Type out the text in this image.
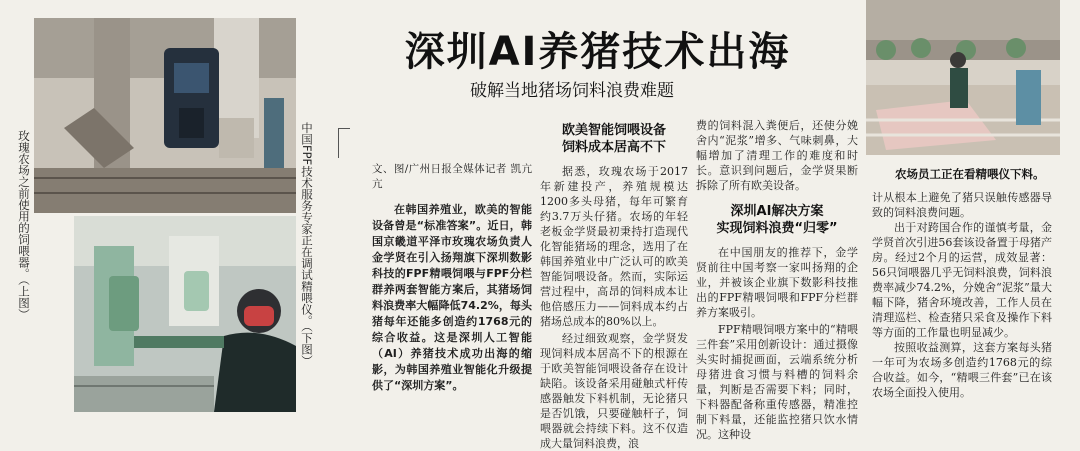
玫瑰农场之前使用的饲喂器。（上图）	中国FPF技术服务专家正在调试精喂仪。（下图）	农场员工正在看精喂仪下料。
深圳AI养猪技术出海
破解当地猪场饲料浪费难题

文、图/广州日报全媒体记者 凯亢亢

在韩国养殖业，欧美的智能设备曾是“标准答案”。近日，韩国京畿道平泽市玫瑰农场负责人金学贤在引入扬翔旗下深圳数影科技的FPF精喂饲喂与FPF分栏群养两套智能方案后，其猪场饲料浪费率大幅降低74.2%，每头猪每年还能多创造约1768元的综合收益。这是深圳人工智能（AI）养猪技术成功出海的缩影，为韩国养殖业智能化升级提供了“深圳方案”。

欧美智能饲喂设备
饲料成本居高不下

据悉，玫瑰农场于2017年新建投产，养殖规模达1200多头母猪，每年可繁育约3.7万头仔猪。农场的年轻老板金学贤最初秉持打造现代化智能猪场的理念，选用了在韩国养殖业中广泛认可的欧美智能饲喂设备。然而，实际运营过程中，高昂的饲料成本让他倍感压力——饲料成本约占猪场总成本的80%以上。

经过细致观察，金学贤发现饲料成本居高不下的根源在于欧美智能饲喂设备存在设计缺陷。该设备采用碰触式杆传感器触发下料机制，无论猪只是否饥饿，只要碰触杆子，饲喂器就会持续下料。这不仅造成大量饲料浪费，浪

费的饲料混入粪便后，还使分娩舍内“泥浆”增多、气味刺鼻，大幅增加了清理工作的难度和时长。意识到问题后，金学贤果断拆除了所有欧美设备。

深圳AI解决方案
实现饲料浪费“归零”

在中国朋友的推荐下，金学贤前往中国考察一家叫扬翔的企业，并被该企业旗下数影科技推出的FPF精喂饲喂和FPF分栏群养方案吸引。

FPF精喂饲喂方案中的“精喂三件套”采用创新设计：通过摄像头实时捕捉画面，云端系统分析母猪进食习惯与料槽的饲料余量，判断是否需要下料；同时，下料器配备称重传感器，精准控制下料量，还能监控猪只饮水情况。这种设

计从根本上避免了猪只误触传感器导致的饲料浪费问题。

出于对跨国合作的谨慎考量，金学贤首次引进56套该设备置于母猪产房。经过2个月的运营，成效显著：56只饲喂器几乎无饲料浪费，饲料浪费率减少74.2%，分娩舍“泥浆”量大幅下降，猪舍环境改善，工作人员在清理巡栏、检查猪只采食及操作下料等方面的工作量也明显减少。

按照收益测算，这套方案每头猪一年可为农场多创造约1768元的综合收益。如今，“精喂三件套”已在该农场全面投入使用。
